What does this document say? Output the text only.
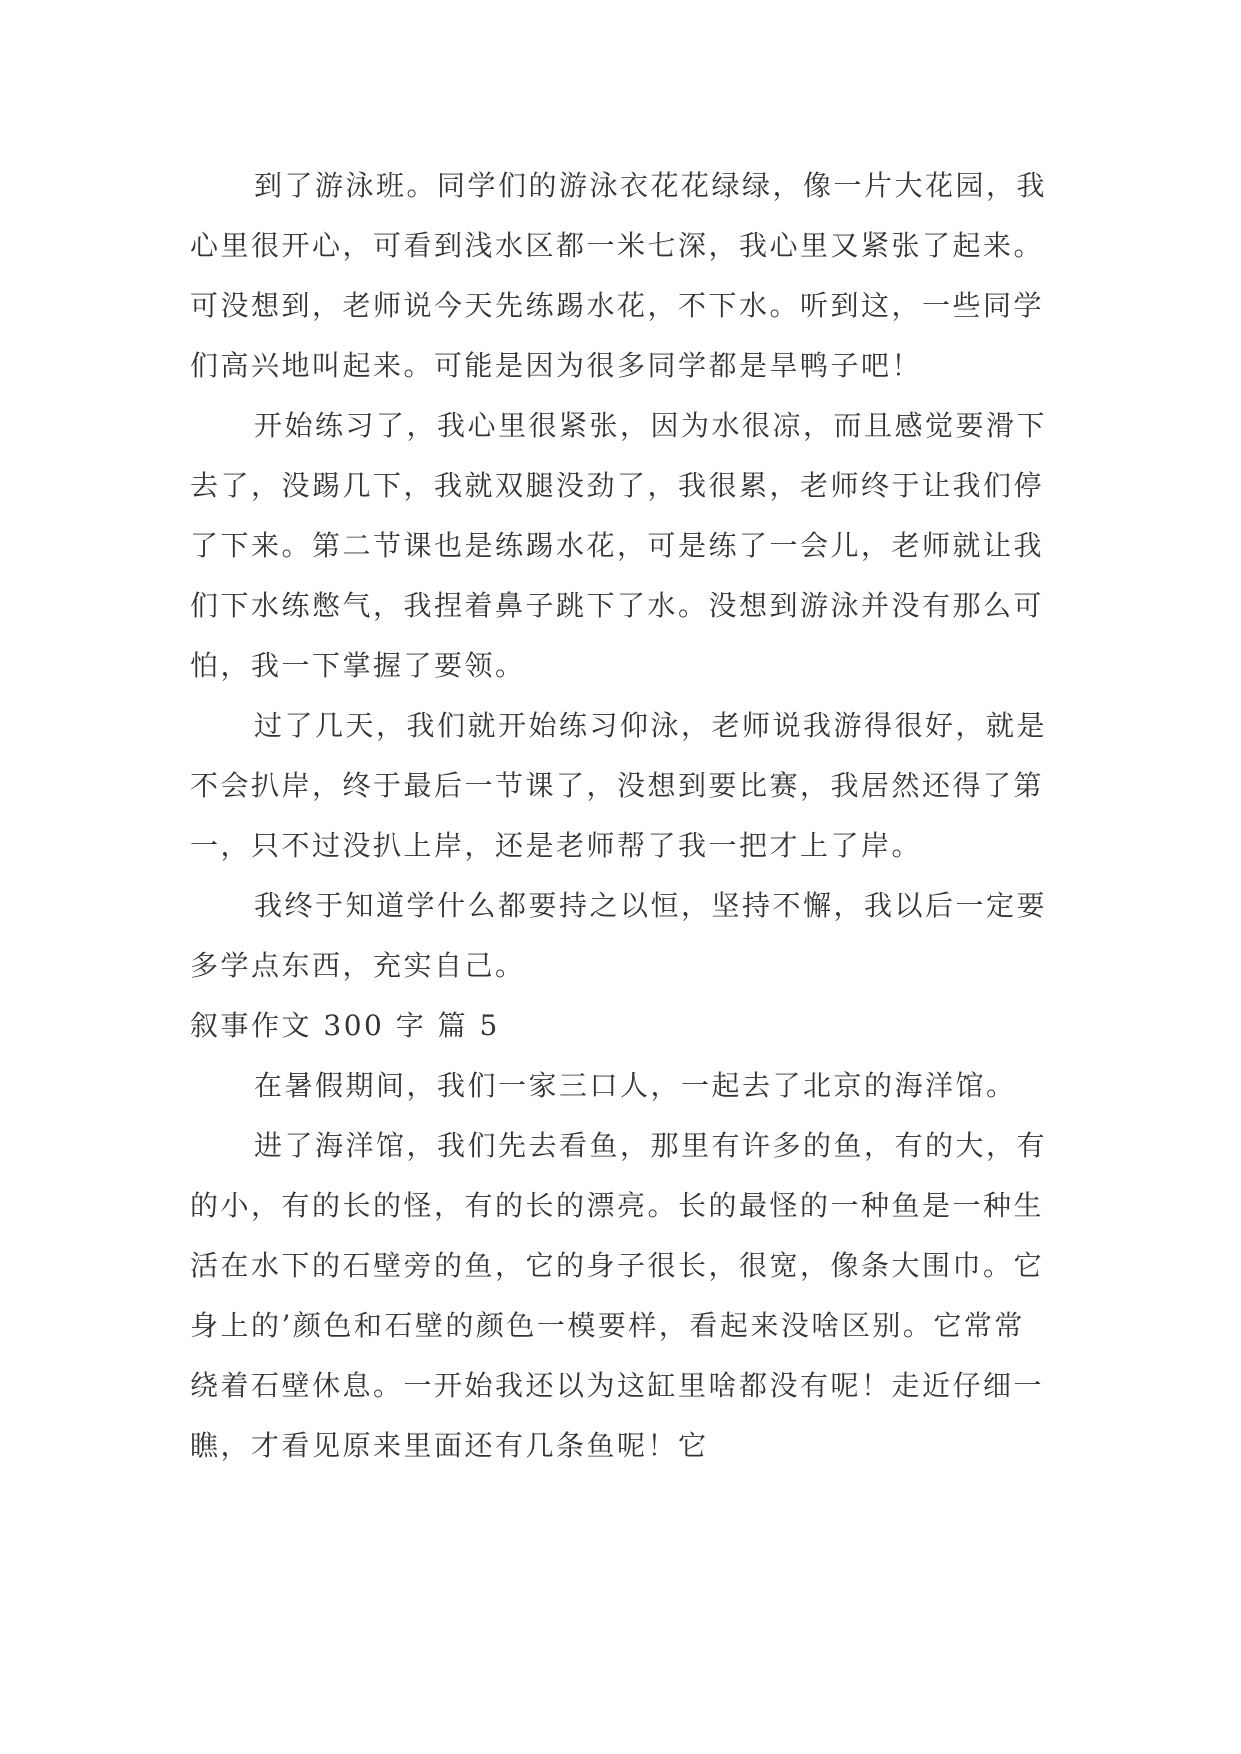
到了游泳班。同学们的游泳衣花花绿绿，像一片大花园，我心里很开心，可看到浅水区都一米七深，我心里又紧张了起来。可没想到，老师说今天先练踢水花，不下水。听到这，一些同学们高兴地叫起来。可能是因为很多同学都是旱鸭子吧！

开始练习了，我心里很紧张，因为水很凉，而且感觉要滑下去了，没踢几下，我就双腿没劲了，我很累，老师终于让我们停了下来。第二节课也是练踢水花，可是练了一会儿，老师就让我们下水练憋气，我捏着鼻子跳下了水。没想到游泳并没有那么可怕，我一下掌握了要领。

过了几天，我们就开始练习仰泳，老师说我游得很好，就是不会扒岸，终于最后一节课了，没想到要比赛，我居然还得了第一，只不过没扒上岸，还是老师帮了我一把才上了岸。

我终于知道学什么都要持之以恒，坚持不懈，我以后一定要多学点东西，充实自己。

叙事作文 300 字 篇 5

在暑假期间，我们一家三口人，一起去了北京的海洋馆。

进了海洋馆，我们先去看鱼，那里有许多的鱼，有的大，有的小，有的长的怪，有的长的漂亮。长的最怪的一种鱼是一种生活在水下的石壁旁的鱼，它的身子很长，很宽，像条大围巾。它身上的’颜色和石壁的颜色一模要样，看起来没啥区别。它常常绕着石壁休息。一开始我还以为这缸里啥都没有呢！走近仔细一瞧，才看见原来里面还有几条鱼呢！它
